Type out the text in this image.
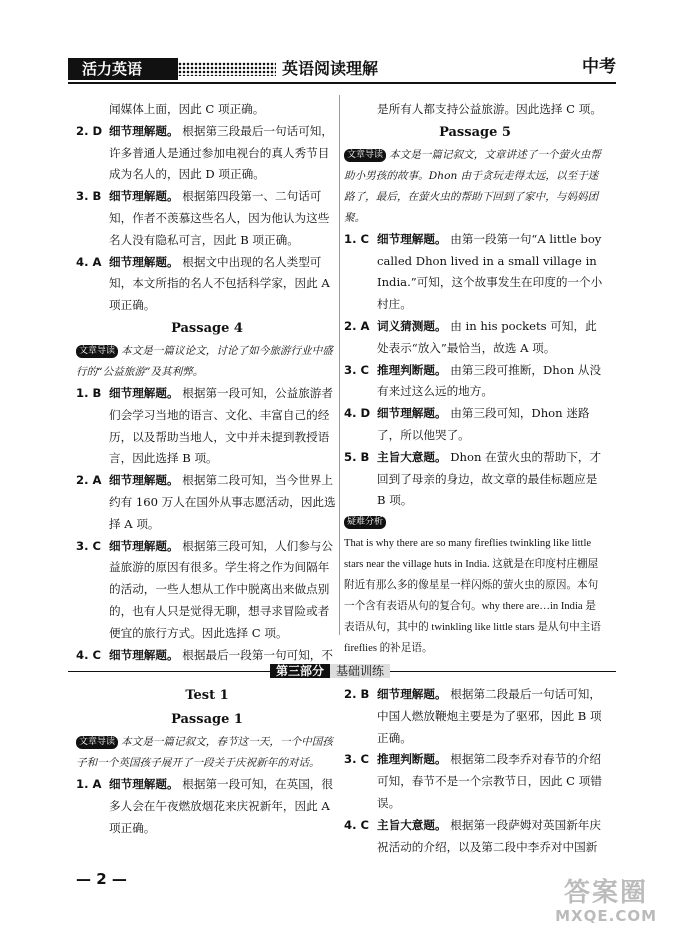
活力英语	英语阅读理解	中考
闻媒体上面，因此 C 项正确。
2. D 细节理解题。 根据第三段最后一句话可知，许多普通人是通过参加电视台的真人秀节目成为名人的，因此 D 项正确。
3. B 细节理解题。 根据第四段第一、二句话可知，作者不羡慕这些名人，因为他认为这些名人没有隐私可言，因此 B 项正确。
4. A 细节理解题。 根据文中出现的名人类型可知，本文所指的名人不包括科学家，因此 A 项正确。
Passage 4
文章导读 本文是一篇议论文，讨论了如今旅游行业中盛行的“公益旅游”及其利弊。
1. B 细节理解题。 根据第一段可知，公益旅游者们会学习当地的语言、文化、丰富自己的经历，以及帮助当地人，文中并未提到教授语言，因此选择 B 项。
2. A 细节理解题。 根据第二段可知，当今世界上约有 160 万人在国外从事志愿活动，因此选择 A 项。
3. C 细节理解题。 根据第三段可知，人们参与公益旅游的原因有很多。学生将之作为间隔年的活动，一些人想从工作中脱离出来做点别的，也有人只是觉得无聊，想寻求冒险或者便宜的旅行方式。因此选择 C 项。
4. C 细节理解题。 根据最后一段第一句可知，不
是所有人都支持公益旅游。因此选择 C 项。
Passage 5
文章导读 本文是一篇记叙文，文章讲述了一个萤火虫帮助小男孩的故事。Dhon 由于贪玩走得太远，以至于迷路了，最后，在萤火虫的帮助下回到了家中，与妈妈团聚。
1. C 细节理解题。 由第一段第一句“A little boy called Dhon lived in a small village in India.”可知，这个故事发生在印度的一个小村庄。
2. A 词义猜测题。 由 in his pockets 可知，此处表示“放入”最恰当，故选 A 项。
3. C 推理判断题。 由第三段可推断，Dhon 从没有来过这么远的地方。
4. D 细节理解题。 由第三段可知，Dhon 迷路了，所以他哭了。
5. B 主旨大意题。 Dhon 在萤火虫的帮助下，才回到了母亲的身边，故文章的最佳标题应是 B 项。
疑难分析
That is why there are so many fireflies twinkling like little stars near the village huts in India. 这就是在印度村庄棚屋附近有那么多的像星星一样闪烁的萤火虫的原因。本句一个含有表语从句的复合句。why there are…in India 是表语从句，其中的 twinkling like little stars 是从句中主语 fireflies 的补足语。
第三部分 基础训练
Test 1
Passage 1
文章导读 本文是一篇记叙文，春节这一天，一个中国孩子和一个英国孩子展开了一段关于庆祝新年的对话。
1. A 细节理解题。 根据第一段可知，在英国，很多人会在午夜燃放烟花来庆祝新年，因此 A 项正确。
2. B 细节理解题。 根据第二段最后一句话可知，中国人燃放鞭炮主要是为了驱邪，因此 B 项正确。
3. C 推理判断题。 根据第二段李乔对春节的介绍可知，春节不是一个宗教节日，因此 C 项错误。
4. C 主旨大意题。 根据第一段萨姆对英国新年庆祝活动的介绍，以及第二段中李乔对中国新
— 2 —	答案圈
MXQE.COM
